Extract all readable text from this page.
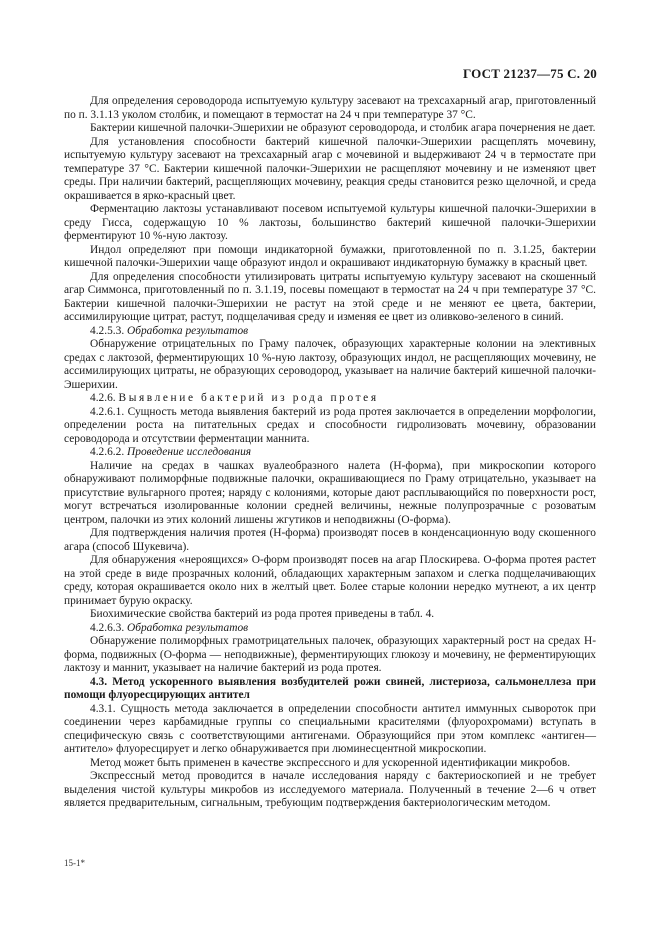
ГОСТ 21237—75 С. 20

Для определения сероводорода испытуемую культуру засевают на трехсахарный агар, приготовленный по п. 3.1.13 уколом столбик, и помещают в термостат на 24 ч при температуре 37 °С.

Бактерии кишечной палочки-Эшерихии не образуют сероводорода, и столбик агара почернения не дает.

Для установления способности бактерий кишечной палочки-Эшерихии расщеплять мочевину, испытуемую культуру засевают на трехсахарный агар с мочевиной и выдерживают 24 ч в термостате при температуре 37 °С. Бактерии кишечной палочки-Эшерихии не расщепляют мочевину и не изменяют цвет среды. При наличии бактерий, расщепляющих мочевину, реакция среды становится резко щелочной, и среда окрашивается в ярко-красный цвет.

Ферментацию лактозы устанавливают посевом испытуемой культуры кишечной палочки-Эшерихии в среду Гисса, содержащую 10 % лактозы, большинство бактерий кишечной палочки-Эшерихии ферментируют 10 %-ную лактозу.

Индол определяют при помощи индикаторной бумажки, приготовленной по п. 3.1.25, бактерии кишечной палочки-Эшерихии чаще образуют индол и окрашивают индикаторную бумажку в красный цвет.

Для определения способности утилизировать цитраты испытуемую культуру засевают на скошенный агар Симмонса, приготовленный по п. 3.1.19, посевы помещают в термостат на 24 ч при температуре 37 °С. Бактерии кишечной палочки-Эшерихии не растут на этой среде и не меняют ее цвета, бактерии, ассимилирующие цитрат, растут, подщелачивая среду и изменяя ее цвет из оливково-зеленого в синий.

4.2.5.3. Обработка результатов

Обнаружение отрицательных по Граму палочек, образующих характерные колонии на элективных средах с лактозой, ферментирующих 10 %-ную лактозу, образующих индол, не расщепляющих мочевину, не ассимилирующих цитраты, не образующих сероводород, указывает на наличие бактерий кишечной палочки-Эшерихии.

4.2.6. Выявление бактерий из рода протея

4.2.6.1. Сущность метода выявления бактерий из рода протея заключается в определении морфологии, определении роста на питательных средах и способности гидролизовать мочевину, образовании сероводорода и отсутствии ферментации маннита.

4.2.6.2. Проведение исследования

Наличие на средах в чашках вуалеобразного налета (Н-форма), при микроскопии которого обнаруживают полиморфные подвижные палочки, окрашивающиеся по Граму отрицательно, указывает на присутствие вульгарного протея; наряду с колониями, которые дают расплывающийся по поверхности рост, могут встречаться изолированные колонии средней величины, нежные полупрозрачные с розоватым центром, палочки из этих колоний лишены жгутиков и неподвижны (О-форма).

Для подтверждения наличия протея (Н-форма) производят посев в конденсационную воду скошенного агара (способ Шукевича).

Для обнаружения «нероящихся» О-форм производят посев на агар Плоскирева. О-форма протея растет на этой среде в виде прозрачных колоний, обладающих характерным запахом и слегка подщелачивающих среду, которая окрашивается около них в желтый цвет. Более старые колонии нередко мутнеют, а их центр принимает бурую окраску.

Биохимические свойства бактерий из рода протея приведены в табл. 4.

4.2.6.3. Обработка результатов

Обнаружение полиморфных грамотрицательных палочек, образующих характерный рост на средах Н-форма, подвижных (О-форма — неподвижные), ферментирующих глюкозу и мочевину, не ферментирующих лактозу и маннит, указывает на наличие бактерий из рода протея.

4.3. Метод ускоренного выявления возбудителей рожи свиней, листериоза, сальмонеллеза при помощи флуоресцирующих антител

4.3.1. Сущность метода заключается в определении способности антител иммунных сывороток при соединении через карбамидные группы со специальными красителями (флуорохромами) вступать в специфическую связь с соответствующими антигенами. Образующийся при этом комплекс «антиген—антитело» флуоресцирует и легко обнаруживается при люминесцентной микроскопии.

Метод может быть применен в качестве экспрессного и для ускоренной идентификации микробов.

Экспрессный метод проводится в начале исследования наряду с бактериоскопией и не требует выделения чистой культуры микробов из исследуемого материала. Полученный в течение 2—6 ч ответ является предварительным, сигнальным, требующим подтверждения бактериологическим методом.

15-1*
